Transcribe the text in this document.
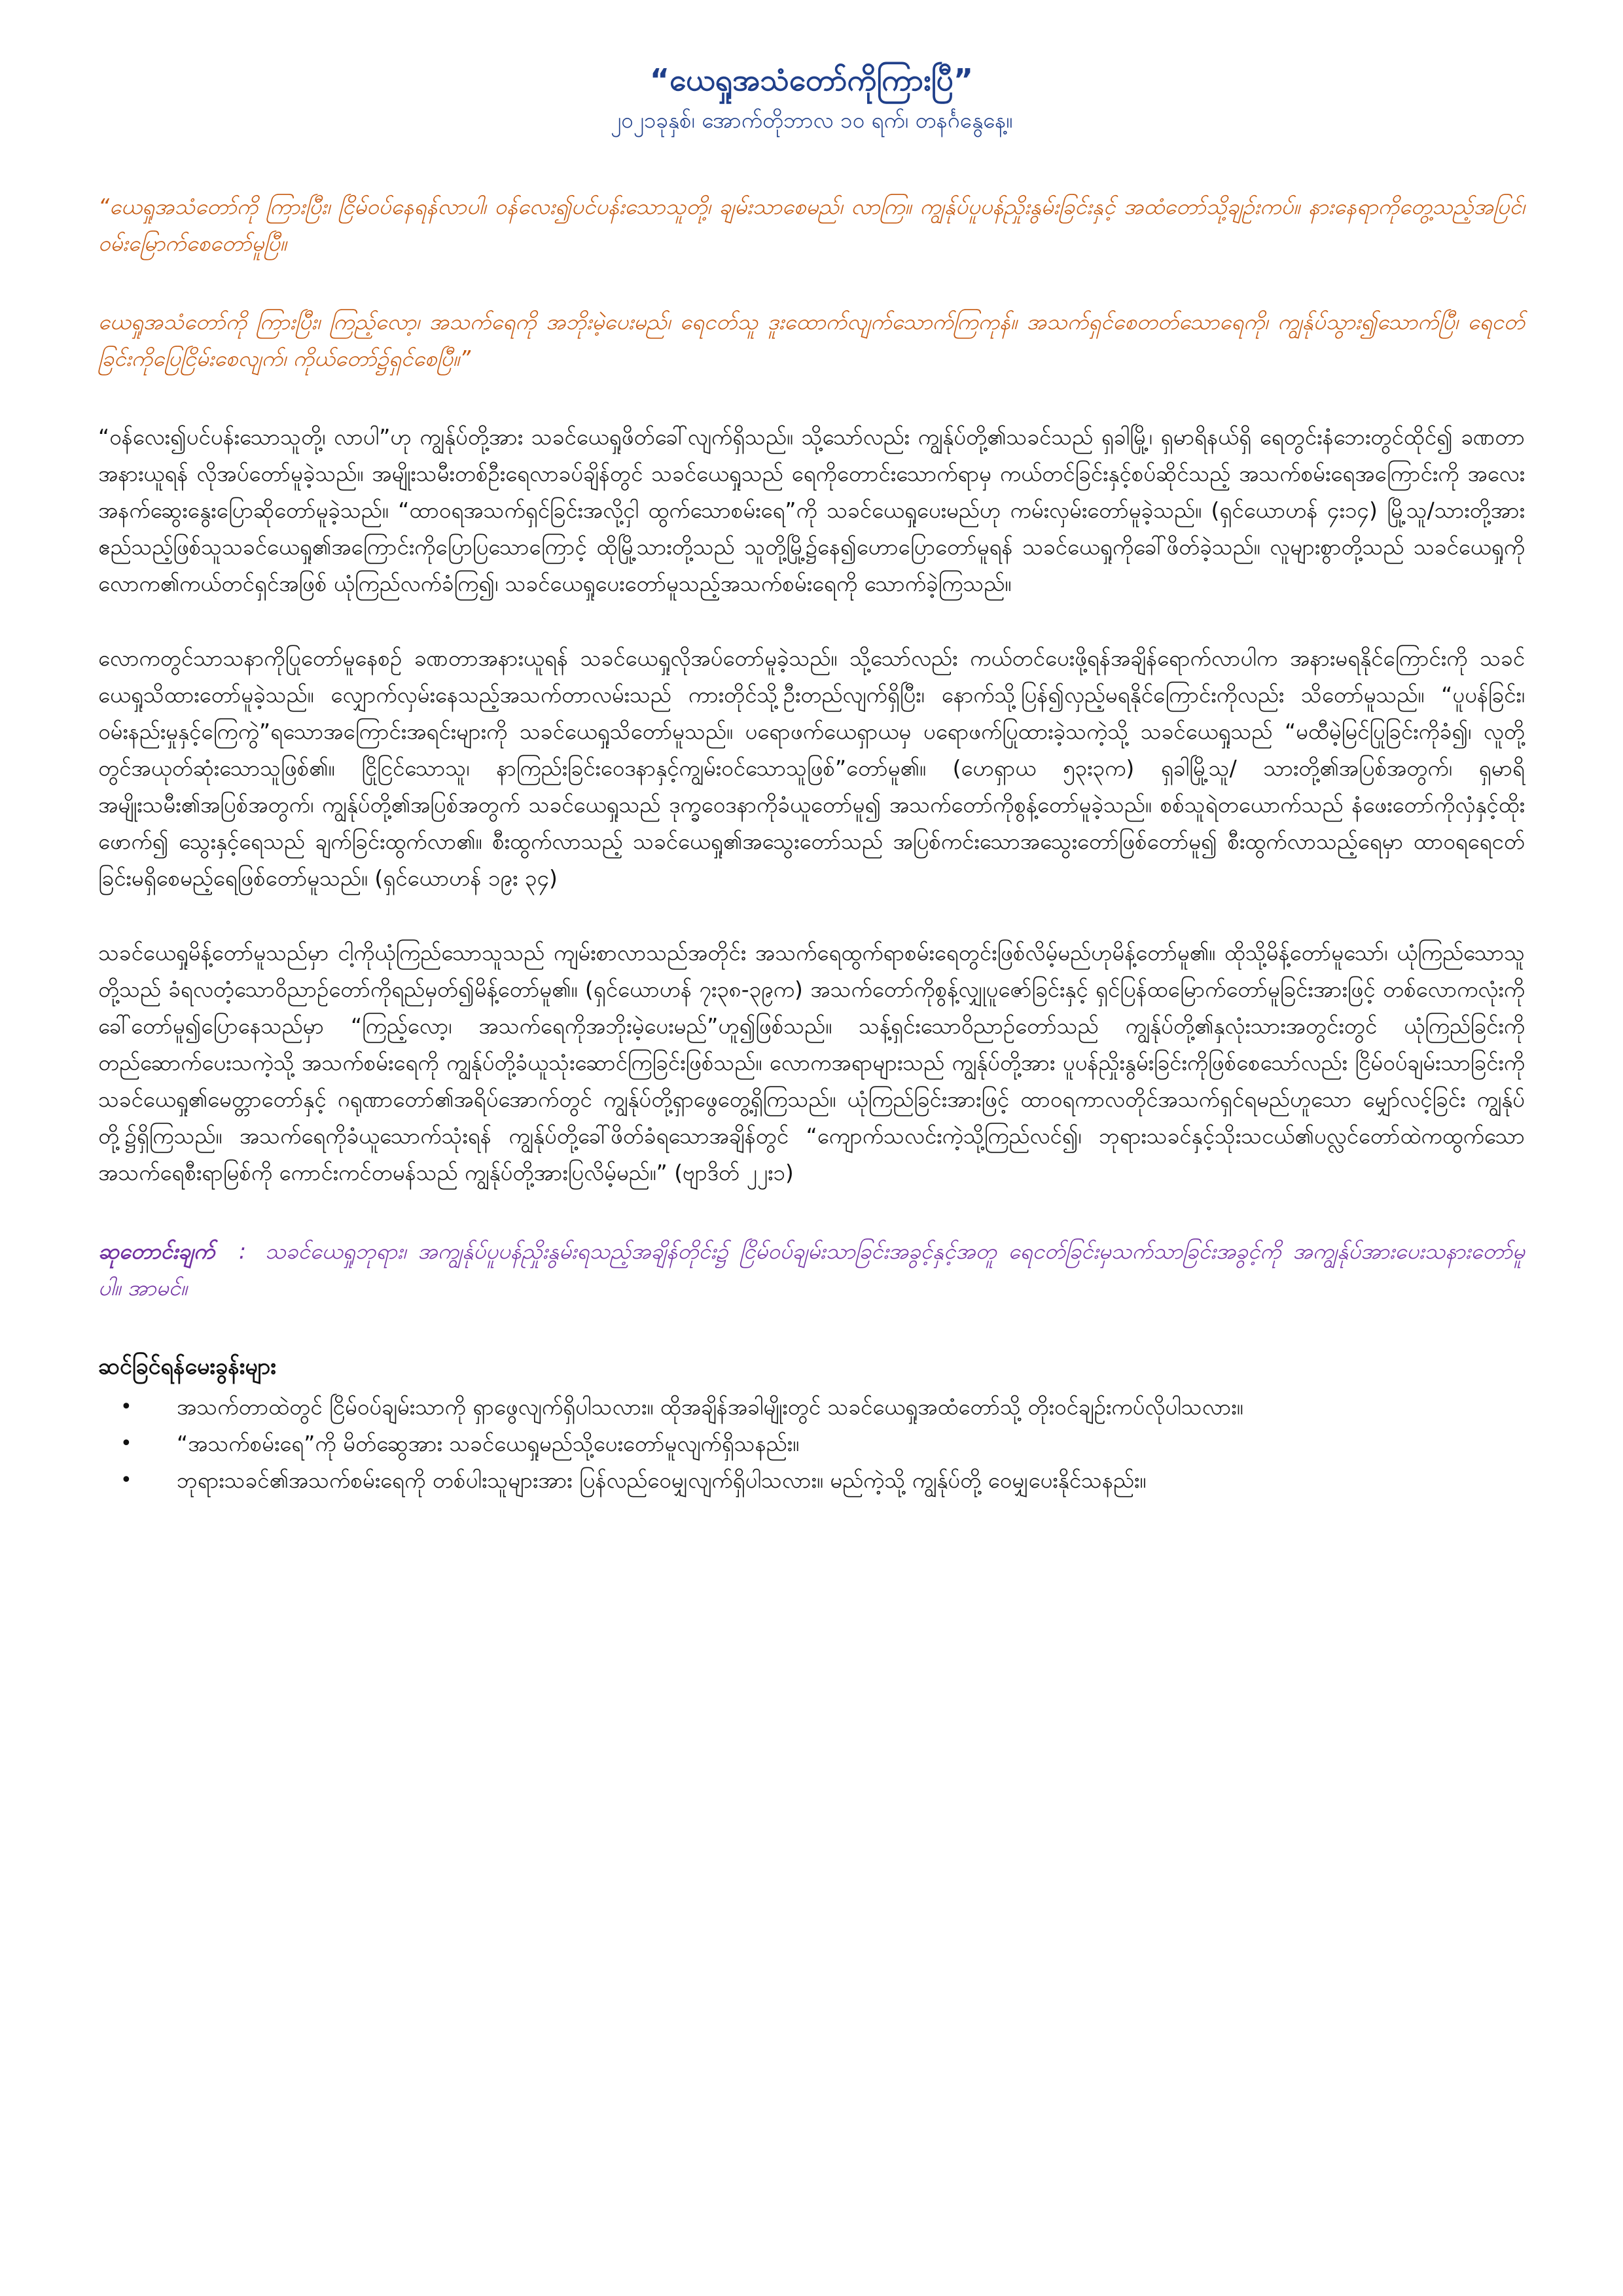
“ယေရှုအသံတော်ကိုကြားပြီ”
၂၀၂၁ခုနှစ်၊ အောက်တိုဘာလ ၁၀ ရက်၊ တနင်္ဂနွေနေ့။

“ယေရှုအသံတော်ကို ကြားပြီး၊ ငြိမ်ဝပ်နေရန်လာပါ၊ ဝန်လေး၍ပင်ပန်းသောသူတို့၊ ချမ်းသာစေမည်၊ လာကြ။ ကျွန်ုပ်ပူပန်ညှိုးနွမ်းခြင်းနှင့် အထံတော်သို့ချဉ်းကပ်။ နားနေရာကိုတွေ့သည့်အပြင်၊ ဝမ်းမြောက်စေတော်မူပြီ။

ယေရှုအသံတော်ကို ကြားပြီး၊ ကြည့်လော့၊ အသက်ရေကို အဘိုးမဲ့ပေးမည်၊ ရေငတ်သူ ဒူးထောက်လျက်သောက်ကြကုန်။ အသက်ရှင်စေတတ်သောရေကို၊ ကျွန်ုပ်သွား၍သောက်ပြီ၊ ရေငတ်ခြင်းကိုပြေငြိမ်းစေလျက်၊ ကိုယ်တော်၌ရှင်စေပြီ။”

“ဝန်လေး၍ပင်ပန်းသောသူတို့၊ လာပါ”ဟု ကျွန်ုပ်တို့အား သခင်ယေရှုဖိတ်ခေါ်လျက်ရှိသည်။ သို့သော်လည်း ကျွန်ုပ်တို့၏သခင်သည် ရှခါမြို့၊ ရှမာရိနယ်ရှိ ရေတွင်းနံဘေးတွင်ထိုင်၍ ခဏတာအနားယူရန် လိုအပ်တော်မူခဲ့သည်။ အမျိုးသမီးတစ်ဦးရေလာခပ်ချိန်တွင် သခင်ယေရှုသည် ရေကိုတောင်းသောက်ရာမှ ကယ်တင်ခြင်းနှင့်စပ်ဆိုင်သည့် အသက်စမ်းရေအကြောင်းကို အလေးအနက်ဆွေးနွေးပြောဆိုတော်မူခဲ့သည်။ “ထာဝရအသက်ရှင်ခြင်းအလို့ငှါ ထွက်သောစမ်းရေ”ကို သခင်ယေရှုပေးမည်ဟု ကမ်းလှမ်းတော်မူခဲ့သည်။ (ရှင်ယောဟန် ၄း၁၄) မြို့သူ/သားတို့အား ဧည်သည့်ဖြစ်သူသခင်ယေရှု၏အကြောင်းကိုပြောပြသောကြောင့် ထိုမြို့သားတို့သည် သူတို့မြို့၌နေ၍ဟောပြောတော်မူရန် သခင်ယေရှုကိုခေါ်ဖိတ်ခဲ့သည်။ လူများစွာတို့သည် သခင်ယေရှုကို လောက၏ကယ်တင်ရှင်အဖြစ် ယုံကြည်လက်ခံကြ၍၊ သခင်ယေရှုပေးတော်မူသည့်အသက်စမ်းရေကို သောက်ခဲ့ကြသည်။

လောကတွင်သာသနာကိုပြုတော်မူနေစဉ် ခဏတာအနားယူရန် သခင်ယေရှုလိုအပ်တော်မူခဲ့သည်။ သို့သော်လည်း ကယ်တင်ပေးဖို့ရန်အချိန်ရောက်လာပါက အနားမရနိုင်ကြောင်းကို သခင်ယေရှုသိထားတော်မူခဲ့သည်။ လျှောက်လှမ်းနေသည့်အသက်တာလမ်းသည် ကားတိုင်သို့ဦးတည်လျက်ရှိပြီး၊ နောက်သို့ပြန်၍လှည့်မရနိုင်ကြောင်းကိုလည်း သိတော်မူသည်။ “ပူပန်ခြင်း၊ ဝမ်းနည်းမှုနှင့်ကြေကွဲ”ရသောအကြောင်းအရင်းများကို သခင်ယေရှုသိတော်မူသည်။ ပရောဖက်ယေရှာယမှ ပရောဖက်ပြုထားခဲ့သကဲ့သို့ သခင်ယေရှုသည် “မထီမဲ့မြင်ပြုခြင်းကိုခံ၍၊ လူတို့တွင်အယုတ်ဆုံးသောသူဖြစ်၏။ ငြိုငြင်သောသူ၊ နာကြည်းခြင်းဝေဒနာနှင့်ကျွမ်းဝင်သောသူဖြစ်”တော်မူ၏။ (ဟေရှာယ ၅၃း၃က) ရှခါမြို့သူ/ သားတို့၏အပြစ်အတွက်၊ ရှမာရိအမျိုးသမီး၏အပြစ်အတွက်၊ ကျွန်ုပ်တို့၏အပြစ်အတွက် သခင်ယေရှုသည် ဒုက္ခဝေဒနာကိုခံယူတော်မူ၍ အသက်တော်ကိုစွန့်တော်မူခဲ့သည်။ စစ်သူရဲတယောက်သည် နံဖေးတော်ကိုလှံနှင့်ထိုးဖောက်၍ သွေးနှင့်ရေသည် ချက်ခြင်းထွက်လာ၏။ စီးထွက်လာသည့် သခင်ယေရှု၏အသွေးတော်သည် အပြစ်ကင်းသောအသွေးတော်ဖြစ်တော်မူ၍ စီးထွက်လာသည့်ရေမှာ ထာဝရရေငတ်ခြင်းမရှိစေမည့်ရေဖြစ်တော်မူသည်။ (ရှင်ယောဟန် ၁၉း ၃၄)

သခင်ယေရှုမိန့်တော်မူသည်မှာ ငါ့ကိုယုံကြည်သောသူသည် ကျမ်းစာလာသည်အတိုင်း အသက်ရေထွက်ရာစမ်းရေတွင်းဖြစ်လိမ့်မည်ဟုမိန့်တော်မူ၏။ ထိုသို့မိန့်တော်မူသော်၊ ယုံကြည်သောသူတို့သည် ခံရလတံ့သောဝိညာဉ်တော်ကိုရည်မှတ်၍မိန့်တော်မူ၏။ (ရှင်ယောဟန် ၇း၃၈-၃၉က) အသက်တော်ကိုစွန့်လျှုပူဇော်ခြင်းနှင့် ရှင်ပြန်ထမြောက်တော်မူခြင်းအားဖြင့် တစ်လောကလုံးကို ခေါ်တော်မူ၍ပြောနေသည်မှာ “ကြည့်လော့၊ အသက်ရေကိုအဘိုးမဲ့ပေးမည်”ဟူ၍ဖြစ်သည်။ သန့်ရှင်းသောဝိညာဉ်တော်သည် ကျွန်ုပ်တို့၏နှလုံးသားအတွင်းတွင် ယုံကြည်ခြင်းကိုတည်ဆောက်ပေးသကဲ့သို့ အသက်စမ်းရေကို ကျွန်ုပ်တို့ခံယူသုံးဆောင်ကြခြင်းဖြစ်သည်။ လောကအရာများသည် ကျွန်ုပ်တို့အား ပူပန်ညှိုးနွမ်းခြင်းကိုဖြစ်စေသော်လည်း ငြိမ်ဝပ်ချမ်းသာခြင်းကို သခင်ယေရှု၏မေတ္တာတော်နှင့် ဂရုဏာတော်၏အရိပ်အောက်တွင် ကျွန်ုပ်တို့ရှာဖွေတွေ့ရှိကြသည်။ ယုံကြည်ခြင်းအားဖြင့် ထာဝရကာလတိုင်အသက်ရှင်ရမည်ဟူသော မျှော်လင့်ခြင်း ကျွန်ုပ်တို့၌ရှိကြသည်။ အသက်ရေကိုခံယူသောက်သုံးရန် ကျွန်ုပ်တို့ခေါ်ဖိတ်ခံရသောအချိန်တွင် “ကျောက်သလင်းကဲ့သို့ကြည်လင်၍၊ ဘုရားသခင်နှင့်သိုးသငယ်၏ပလ္လင်တော်ထဲကထွက်သော အသက်ရေစီးရာမြစ်ကို ကောင်းကင်တမန်သည် ကျွန်ုပ်တို့အားပြလိမ့်မည်။” (ဗျာဒိတ် ၂၂း၁)

ဆုတောင်းချက် : သခင်ယေရှုဘုရား၊ အကျွန်ုပ်ပူပန်ညှိုးနွမ်းရသည့်အချိန်တိုင်း၌ ငြိမ်ဝပ်ချမ်းသာခြင်းအခွင့်နှင့်အတူ ရေငတ်ခြင်းမှသက်သာခြင်းအခွင့်ကို အကျွန်ုပ်အားပေးသနားတော်မူပါ။ အာမင်။
ဆင်ခြင်ရန်မေးခွန်းများ
• အသက်တာထဲတွင် ငြိမ်ဝပ်ချမ်းသာကို ရှာဖွေလျက်ရှိပါသလား။ ထိုအချိန်အခါမျိုးတွင် သခင်ယေရှုအထံတော်သို့ တိုးဝင်ချဉ်းကပ်လိုပါသလား။
• “အသက်စမ်းရေ”ကို မိတ်ဆွေအား သခင်ယေရှုမည်သို့ပေးတော်မူလျက်ရှိသနည်း။
• ဘုရားသခင်၏အသက်စမ်းရေကို တစ်ပါးသူများအား ပြန်လည်ဝေမျှလျက်ရှိပါသလား။ မည်ကဲ့သို့ ကျွန်ုပ်တို့ ဝေမျှပေးနိုင်သနည်း။
